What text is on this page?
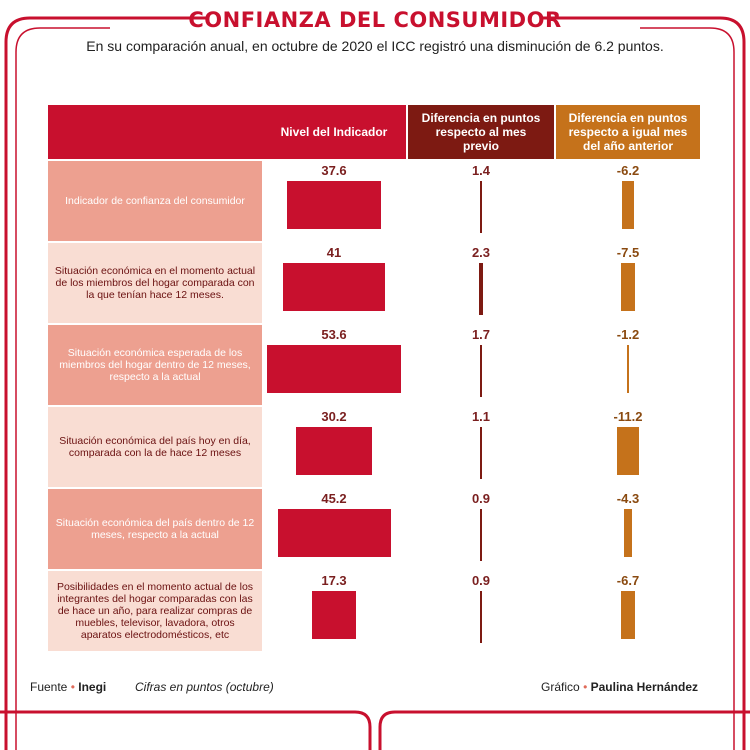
CONFIANZA DEL CONSUMIDOR
En su comparación anual, en octubre de 2020 el ICC registró una disminución de 6.2 puntos.
Nivel del Indicador
Diferencia en puntos respecto al mes previo
Diferencia en puntos respecto a igual mes del año anterior
Indicador de confianza del consumidor
37.6	1.4	-6.2
Situación económica en el momento actual de los miembros del hogar comparada con la que tenían hace 12 meses.
41	2.3	-7.5
Situación económica esperada de los miembros del hogar dentro de 12 meses, respecto a la actual
53.6	1.7	-1.2
Situación económica del país hoy en día, comparada con la de hace 12 meses
30.2	1.1	-11.2
Situación económica del país dentro de 12 meses, respecto a la actual
45.2	0.9	-4.3
Posibilidades en el momento actual de los integrantes del hogar comparadas con las de hace un año, para realizar compras de muebles, televisor, lavadora, otros aparatos electrodomésticos, etc
17.3	0.9	-6.7
Fuente • Inegi Cifras en puntos (octubre)	Gráfico • Paulina Hernández
